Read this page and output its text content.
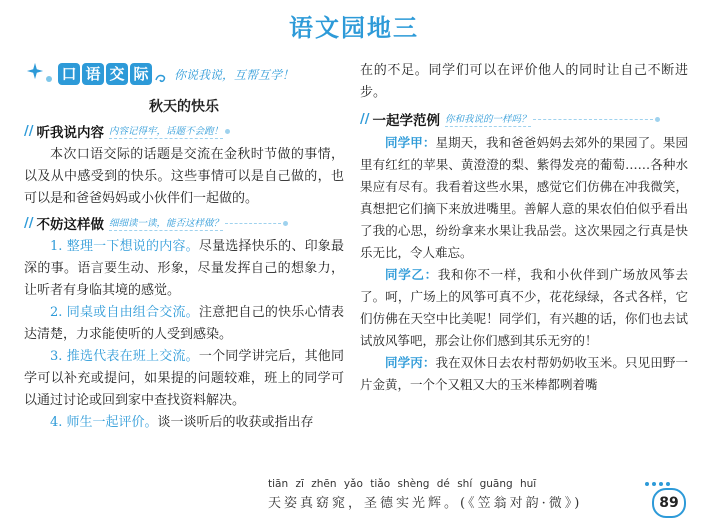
语文园地三
口 语 交 际 你说我说，互帮互学！
秋天的快乐
// 听我说内容 内容记得牢，话题不会跑！

本次口语交际的话题是交流在金秋时节做的事情，以及从中感受到的快乐。这些事情可以是自己做的，也可以是和爸爸妈妈或小伙伴们一起做的。

// 不妨这样做 细细读一读，能否这样做？

1. 整理一下想说的内容。尽量选择快乐的、印象最深的事。语言要生动、形象，尽量发挥自己的想象力，让听者有身临其境的感觉。

2. 同桌或自由组合交流。注意把自己的快乐心情表达清楚，力求能使听的人受到感染。

3. 推选代表在班上交流。一个同学讲完后，其他同学可以补充或提问，如果提的问题较难，班上的同学可以通过讨论或回到家中查找资料解决。

4. 师生一起评价。谈一谈听后的收获或指出存

在的不足。同学们可以在评价他人的同时让自己不断进步。

// 一起学范例 你和我说的一样吗？

同学甲：星期天，我和爸爸妈妈去郊外的果园了。果园里有红红的苹果、黄澄澄的梨、紫得发亮的葡萄……各种水果应有尽有。我看着这些水果，感觉它们仿佛在冲我微笑，真想把它们摘下来放进嘴里。善解人意的果农伯伯似乎看出了我的心思，纷纷拿来水果让我品尝。这次果园之行真是快乐无比，令人难忘。

同学乙：我和你不一样，我和小伙伴到广场放风筝去了。呵，广场上的风筝可真不少，花花绿绿，各式各样，它们仿佛在天空中比美呢！同学们，有兴趣的话，你们也去试试放风筝吧，那会让你们感到其乐无穷的！

同学丙：我在双休日去农村帮奶奶收玉米。只见田野一片金黄，一个个又粗又大的玉米棒都咧着嘴

tiān zī zhēn yǎo tiǎo shèng dé shí guāng huī
天姿真窈窕，圣德实光辉。(《笠翁对韵·微》)	89
